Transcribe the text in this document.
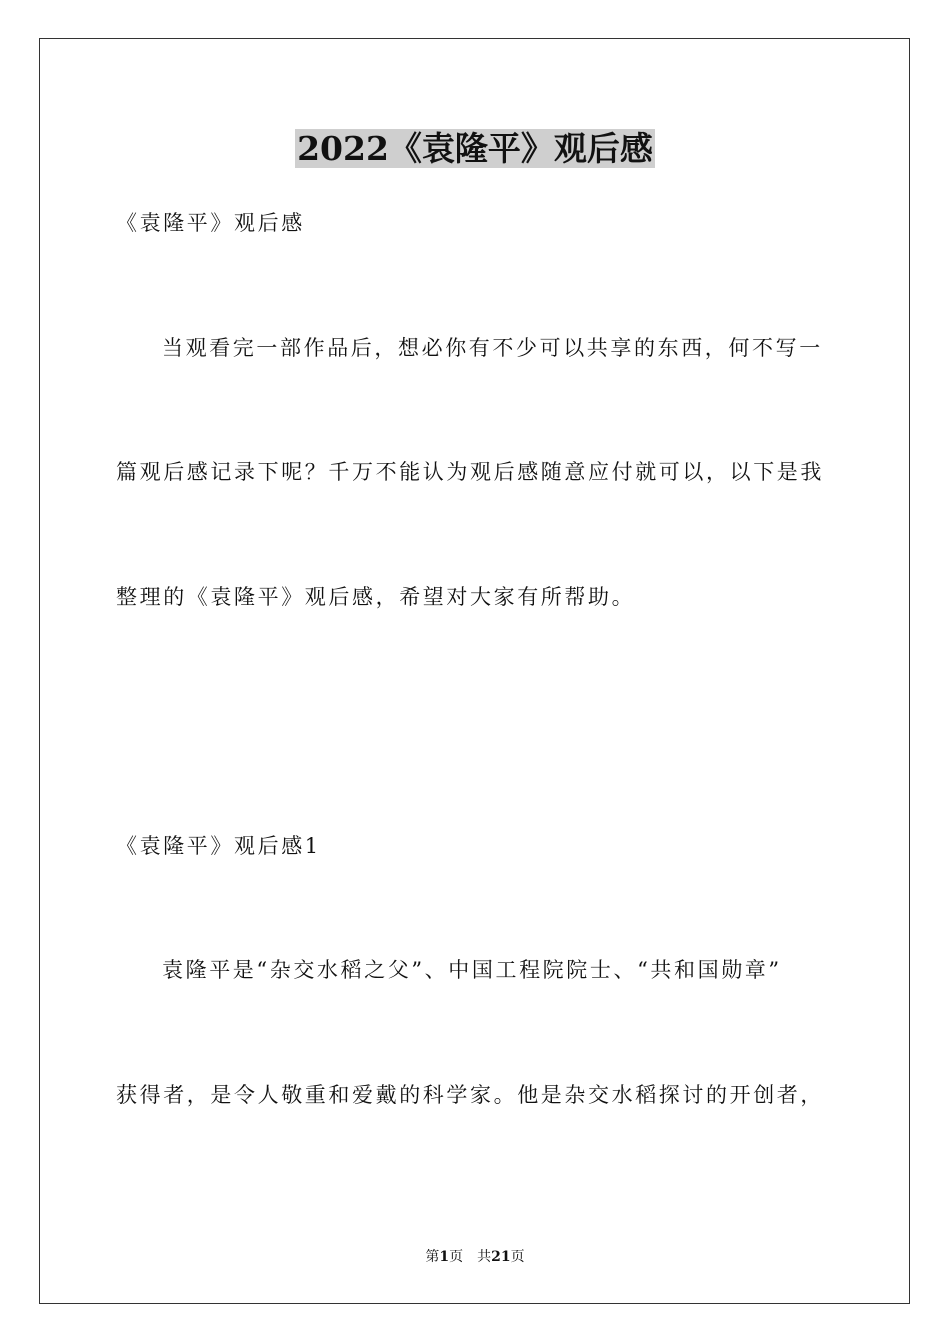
2022《袁隆平》观后感

《袁隆平》观后感

当观看完一部作品后，想必你有不少可以共享的东西，何不写一

篇观后感记录下呢？千万不能认为观后感随意应付就可以，以下是我

整理的《袁隆平》观后感，希望对大家有所帮助。

《袁隆平》观后感1

袁隆平是“杂交水稻之父”、中国工程院院士、“共和国勋章”

获得者，是令人敬重和爱戴的科学家。他是杂交水稻探讨的开创者，

第1页　共21页
